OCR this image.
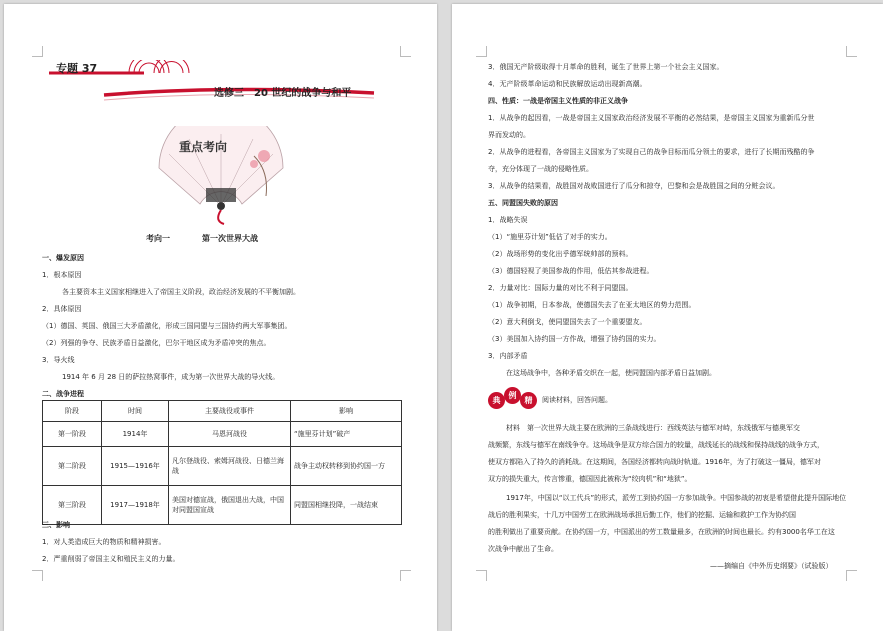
专题 37
选修三　20 世纪的战争与和平
重点考向
考向一　　　　第一次世界大战
一、爆发原因
1．根本原因
各主要资本主义国家相继进入了帝国主义阶段，政治经济发展的不平衡加剧。
2．具体原因
（1）德国、英国、俄国三大矛盾激化，形成三国同盟与三国协约两大军事集团。
（2）列强的争夺、民族矛盾日益激化，巴尔干地区成为矛盾冲突的焦点。
3．导火线
1914 年 6 月 28 日的萨拉热窝事件，成为第一次世界大战的导火线。
二、战争进程
阶段	时间	主要战役或事件	影响
第一阶段	1914年	马恩河战役	“施里芬计划”破产
第二阶段	1915—1916年	凡尔登战役、索姆河战役、日德兰海战	战争主动权转移到协约国一方
第三阶段	1917—1918年	美国对德宣战，俄国退出大战，中国对同盟国宣战	同盟国相继投降，一战结束
三、影响
1．对人类造成巨大的物质和精神损害。
2．严重削弱了帝国主义和殖民主义的力量。
3．俄国无产阶级取得十月革命的胜利，诞生了世界上第一个社会主义国家。
4．无产阶级革命运动和民族解放运动出现新高潮。
四、性质：一战是帝国主义性质的非正义战争
1．从战争的起因看，一战是帝国主义国家政治经济发展不平衡的必然结果，是帝国主义国家为重新瓜分世
界而发动的。
2．从战争的进程看，各帝国主义国家为了实现自己的战争目标而瓜分领土的要求，进行了长期而残酷的争
夺，充分体现了一战的侵略性质。
3．从战争的结果看，战胜国对战败国进行了瓜分和掠夺，巴黎和会是战胜国之间的分赃会议。
五、同盟国失败的原因
1．战略失误
（1）“施里芬计划”低估了对手的实力。
（2）战场形势的变化出乎德军统帅部的预料。
（3）德国轻视了美国参战的作用，低估其参战进程。
2．力量对比：国际力量的对比不利于同盟国。
（1）战争初期，日本参战，使德国失去了在亚太地区的势力范围。
（2）意大利倒戈，使同盟国失去了一个重要盟友。
（3）美国加入协约国一方作战，增强了协约国的实力。
3．内部矛盾
在这场战争中，各种矛盾交织在一起，使同盟国内部矛盾日益加剧。
典
例
精	阅读材料，回答问题。
材料　第一次世界大战主要在欧洲的三条战线进行：西线英法与德军对峙，东线俄军与德奥军交
战频繁，东线与德军在南线争夺。这场战争是双方综合国力的较量，战线延长的战线和保持战线的战争方式，
使双方都陷入了持久的消耗战。在这期间，各国经济都转向战时轨道。1916年，为了打破这一僵局，德军对
双方的损失重大，传言惨重，德国因此被称为“绞肉机”和“地狱”。
1917年，中国以“以工代兵”的形式，派劳工到协约国一方参加战争。中国参战的初衷是希望借此提升国际地位
战后的胜利果实，十几万中国劳工在欧洲战场承担后勤工作，他们的挖掘、运输和救护工作为协约国
的胜利做出了重要贡献。在协约国一方，中国派出的劳工数量最多，在欧洲的时间也最长。约有3000名华工在这
次战争中献出了生命。
——摘编自《中外历史纲要》（试验版）
